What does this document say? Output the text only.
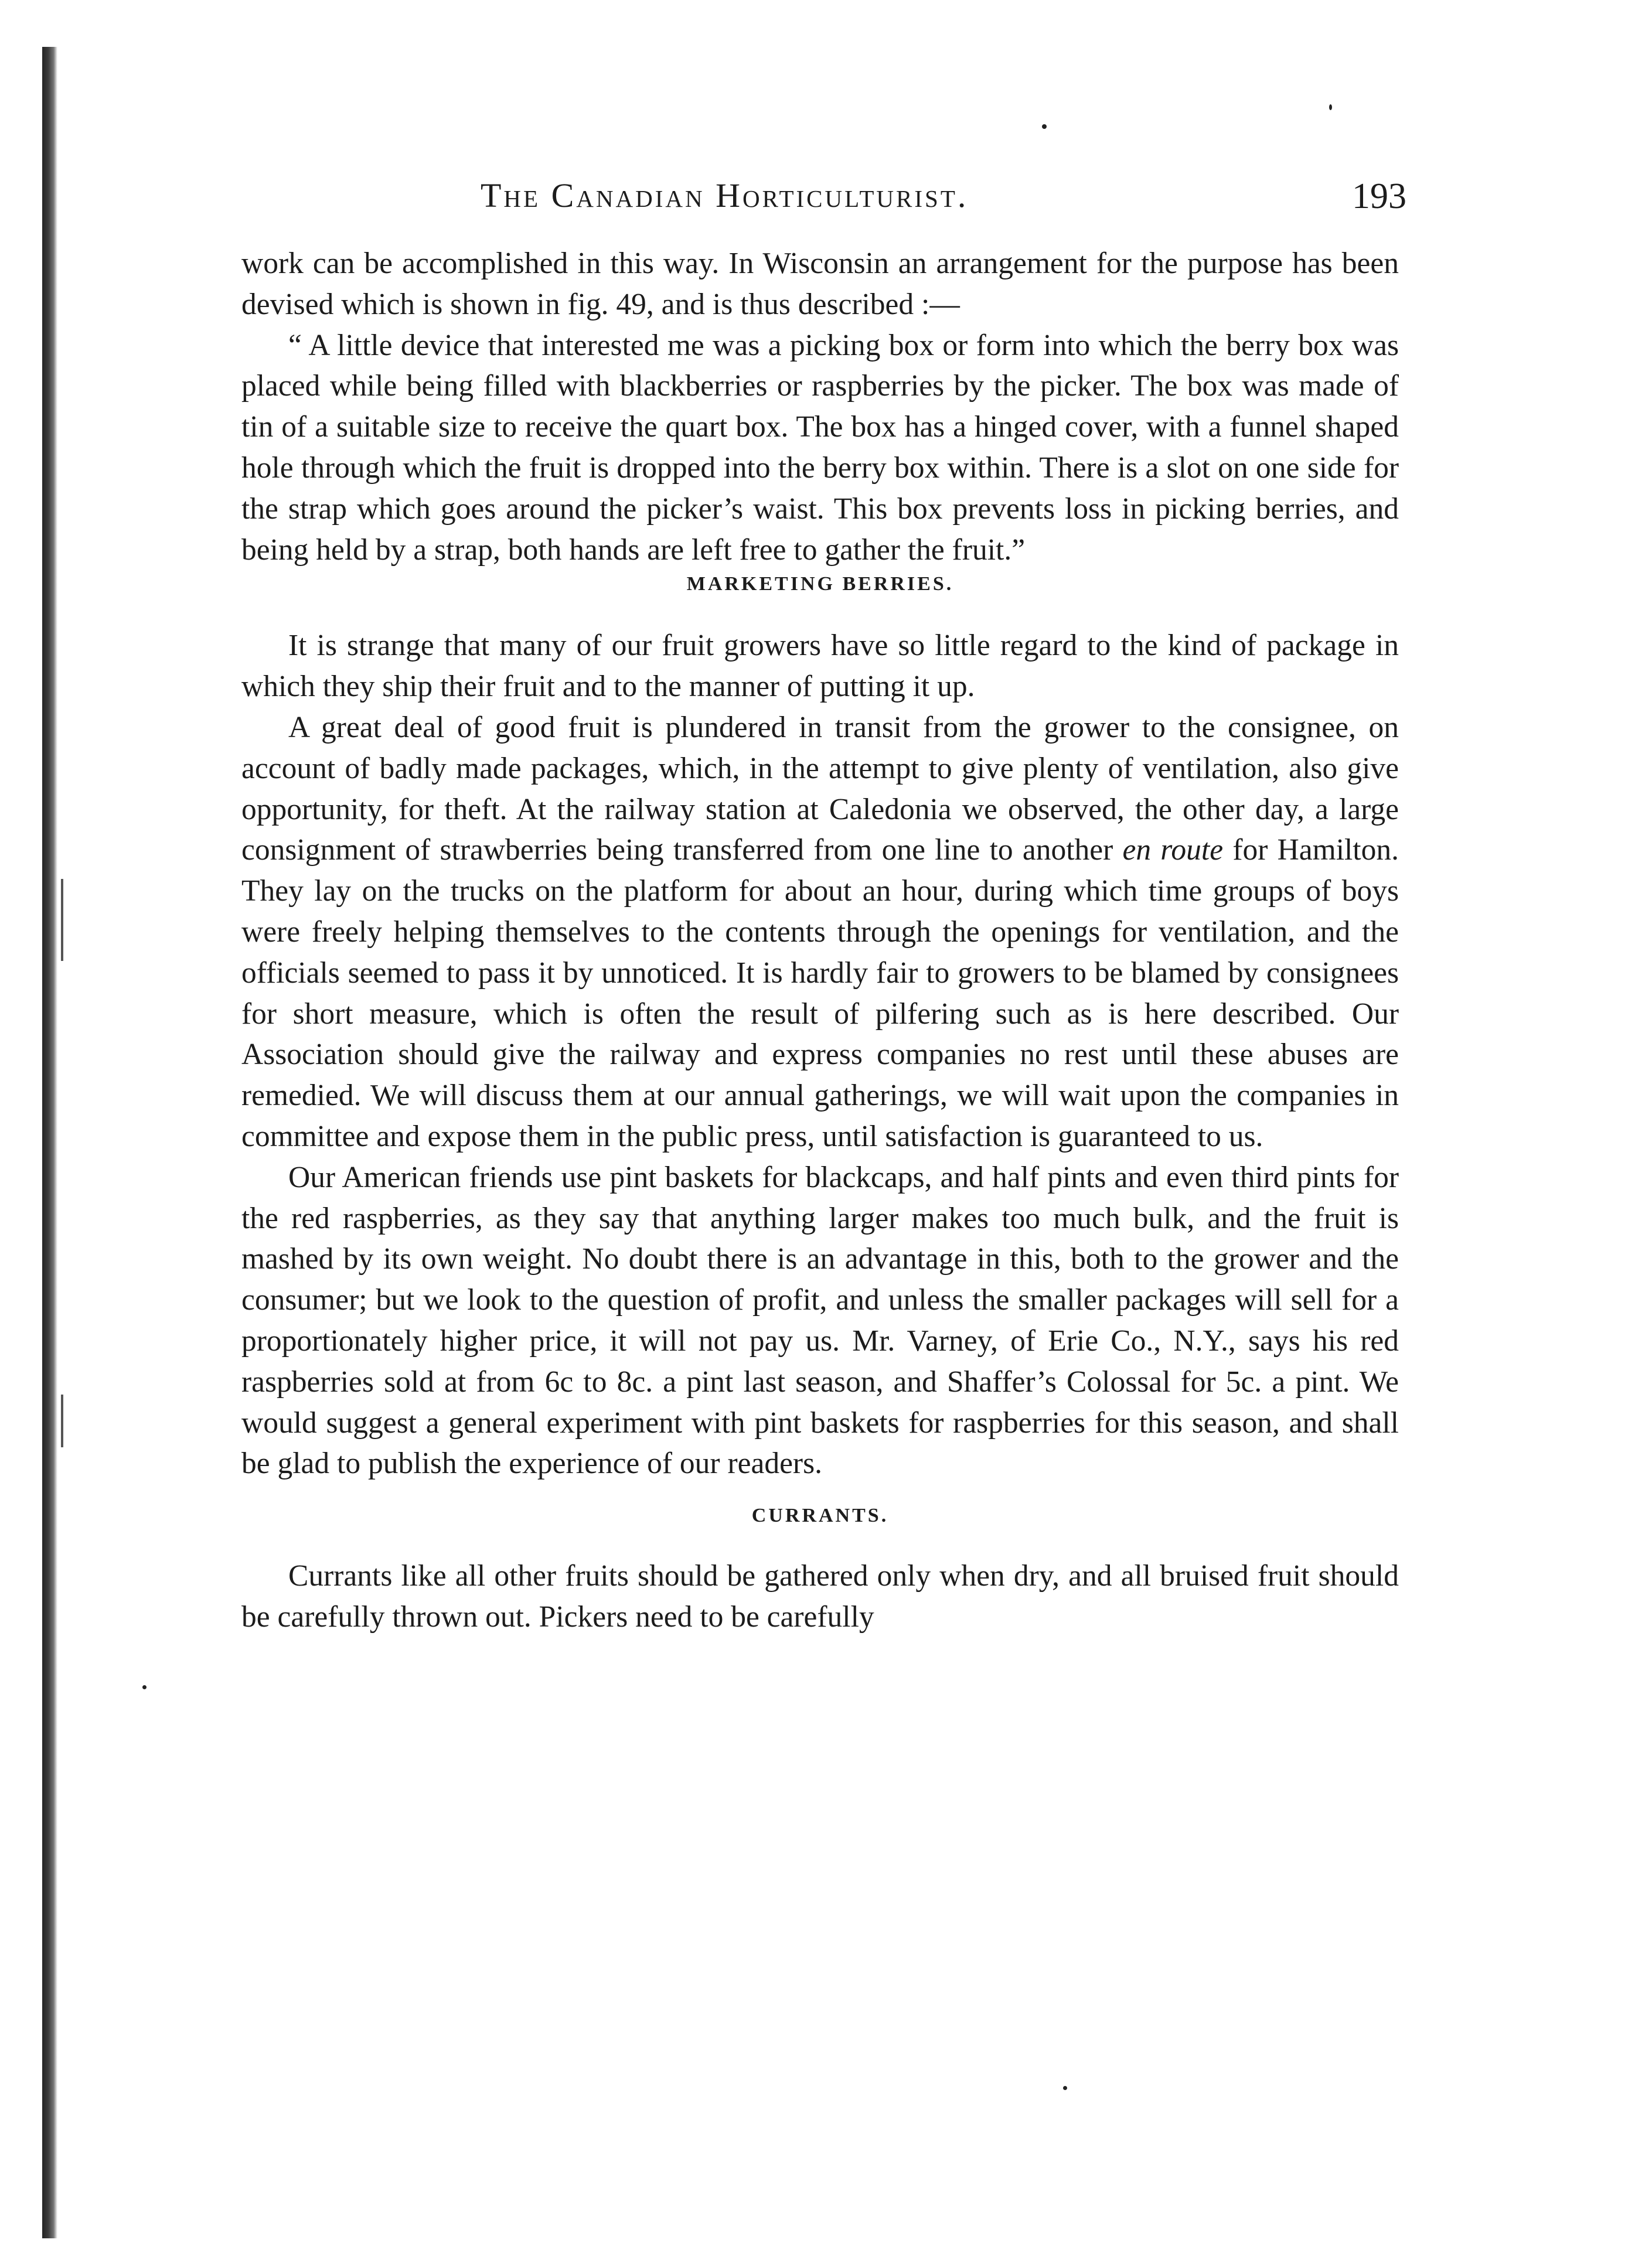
The Canadian Horticulturist.	193

work can be accomplished in this way. In Wisconsin an arrangement for the purpose has been devised which is shown in fig. 49, and is thus described :—

“ A little device that interested me was a picking box or form into which the berry box was placed while being filled with blackberries or raspberries by the picker. The box was made of tin of a suitable size to receive the quart box. The box has a hinged cover, with a funnel shaped hole through which the fruit is dropped into the berry box within. There is a slot on one side for the strap which goes around the picker’s waist. This box prevents loss in picking berries, and being held by a strap, both hands are left free to gather the fruit.”

MARKETING BERRIES.

It is strange that many of our fruit growers have so little regard to the kind of package in which they ship their fruit and to the manner of putting it up.

A great deal of good fruit is plundered in transit from the grower to the consignee, on account of badly made packages, which, in the attempt to give plenty of ventilation, also give opportunity, for theft. At the railway station at Caledonia we observed, the other day, a large consignment of strawberries being transferred from one line to another en route for Hamilton. They lay on the trucks on the platform for about an hour, during which time groups of boys were freely helping themselves to the contents through the openings for ventilation, and the officials seemed to pass it by unnoticed. It is hardly fair to growers to be blamed by consignees for short measure, which is often the result of pilfering such as is here described. Our Association should give the railway and express companies no rest until these abuses are remedied. We will discuss them at our annual gatherings, we will wait upon the companies in committee and expose them in the public press, until satisfaction is guaranteed to us.

Our American friends use pint baskets for blackcaps, and half pints and even third pints for the red raspberries, as they say that anything larger makes too much bulk, and the fruit is mashed by its own weight. No doubt there is an advantage in this, both to the grower and the consumer; but we look to the question of profit, and unless the smaller packages will sell for a proportionately higher price, it will not pay us. Mr. Varney, of Erie Co., N.Y., says his red raspberries sold at from 6c to 8c. a pint last season, and Shaffer’s Colossal for 5c. a pint. We would suggest a general experiment with pint baskets for raspberries for this season, and shall be glad to publish the experience of our readers.

CURRANTS.

Currants like all other fruits should be gathered only when dry, and all bruised fruit should be carefully thrown out. Pickers need to be carefully
